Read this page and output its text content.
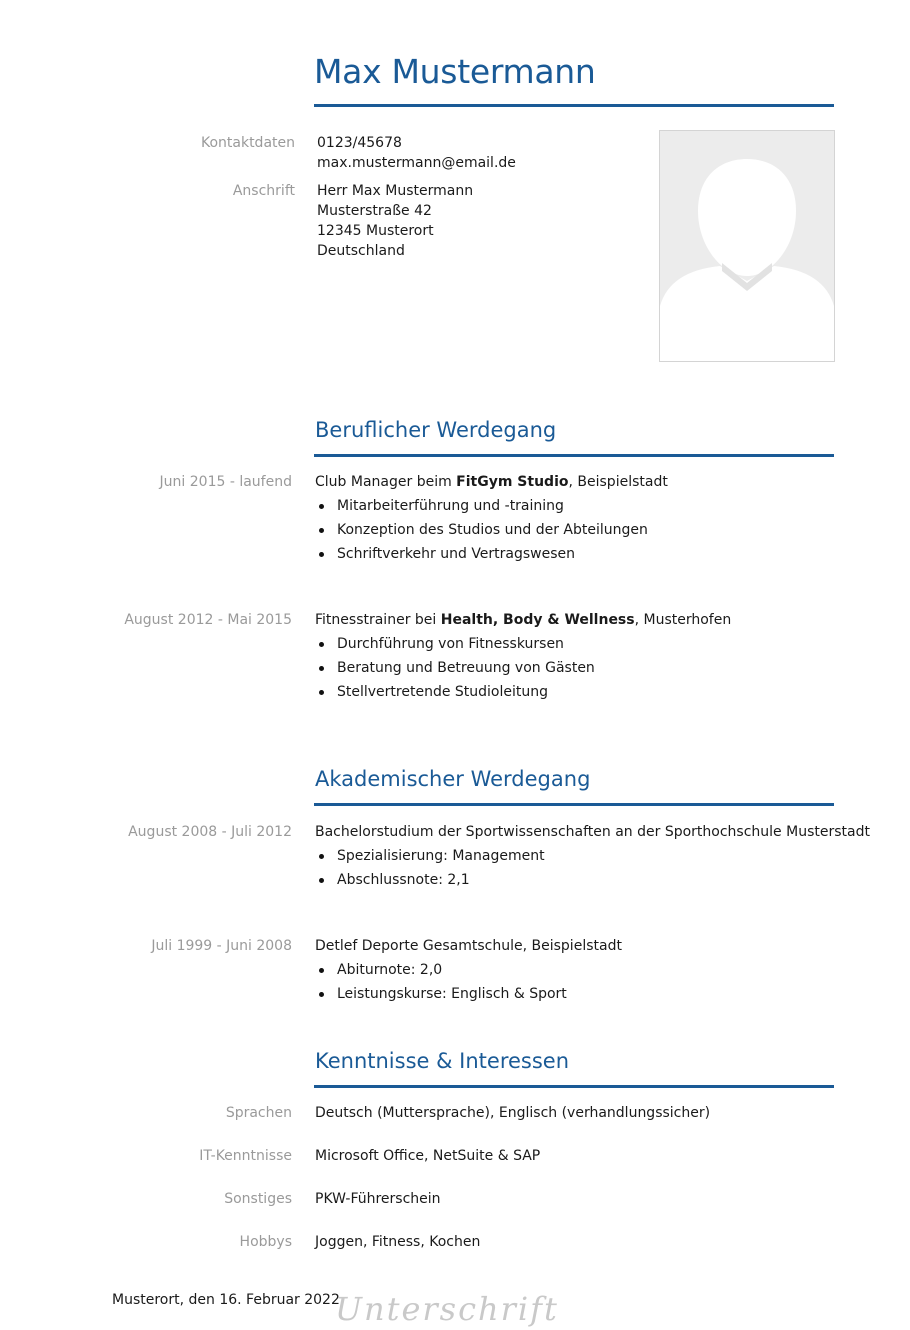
Max Mustermann
Kontaktdaten 0123/45678
max.mustermann@email.de
Anschrift Herr Max Mustermann
Musterstraße 42
12345 Musterort
Deutschland
Beruflicher Werdegang
Juni 2015 - laufend Club Manager beim FitGym Studio, Beispielstadt
Mitarbeiterführung und -training
Konzeption des Studios und der Abteilungen
Schriftverkehr und Vertragswesen
August 2012 - Mai 2015 Fitnesstrainer bei Health, Body & Wellness, Musterhofen
Durchführung von Fitnesskursen
Beratung und Betreuung von Gästen
Stellvertretende Studioleitung
Akademischer Werdegang
August 2008 - Juli 2012 Bachelorstudium der Sportwissenschaften an der Sporthochschule Musterstadt
Spezialisierung: Management
Abschlussnote: 2,1
Juli 1999 - Juni 2008 Detlef Deporte Gesamtschule, Beispielstadt
Abiturnote: 2,0
Leistungskurse: Englisch & Sport
Kenntnisse & Interessen
Sprachen Deutsch (Muttersprache), Englisch (verhandlungssicher)
IT-Kenntnisse Microsoft Office, NetSuite & SAP
Sonstiges PKW-Führerschein
Hobbys Joggen, Fitness, Kochen
Musterort, den 16. Februar 2022
Unterschrift
